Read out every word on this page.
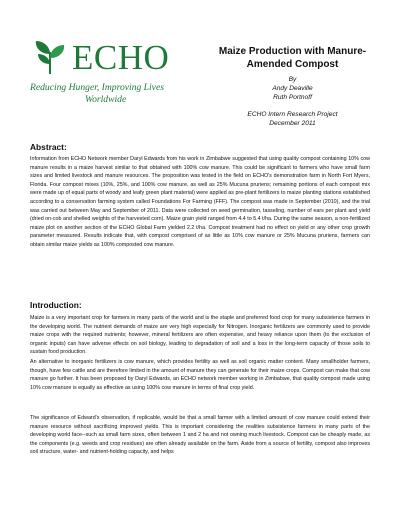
ECHO
Reducing Hunger, Improving Lives
Worldwide
Maize Production with Manure-Amended Compost
By
Andy Deaville
Ruth Portnoff
ECHO Intern Research Project
December 2011
Abstract:

Information from ECHO Network member Daryl Edwards from his work in Zimbabwe suggested that using quality compost containing 10% cow manure results in a maize harvest similar to that obtained with 100% cow manure. This could be significant to farmers who have small farm sizes and limited livestock and manure resources. The proposition was tested in the field on ECHO's demonstration farm in North Fort Myers, Florida. Four compost mixes (10%, 25%, and 100% cow manure, as well as 25% Mucuna pruriens; remaining portions of each compost mix were made up of equal parts of woody and leafy green plant material) were applied as pre-plant fertilizers to maize planting stations established according to a conservation farming system called Foundations For Farming (FFF). The compost was made in September (2010), and the trial was carried out between May and September of 2011. Data were collected on seed germination, tasseling, number of ears per plant and yield (dried on-cob and shelled weights of the harvested corn). Maize grain yield ranged from 4.4 to 5.4 t/ha. During the same season, a non-fertilized maize plot on another section of the ECHO Global Farm yielded 2.2 t/ha. Compost treatment had no effect on yield or any other crop growth parameter measured. Results indicate that, with compost comprised of as little as 10% cow manure or 25% Mucuna pruriens, farmers can obtain similar maize yields as 100% composted cow manure.

Introduction:

Maize is a very important crop for farmers in many parts of the world and is the staple and preferred food crop for many subsistence farmers in the developing world. The nutrient demands of maize are very high especially for Nitrogen. Inorganic fertilizers are commonly used to provide maize crops with the required nutrients; however, mineral fertilizers are often expensive, and heavy reliance upon them (to the exclusion of organic inputs) can have adverse effects on soil biology, leading to degradation of soil and a loss in the long-term capacity of those soils to sustain food production.

An alternative to inorganic fertilizers is cow manure, which provides fertility as well as soil organic matter content. Many smallholder farmers, though, have few cattle and are therefore limited in the amount of manure they can generate for their maize crops. Compost can make that cow manure go further. It has been proposed by Daryl Edwards, an ECHO network member working in Zimbabwe, that quality compost made using 10% cow manure is equally as effective as using 100% cow manure in terms of final crop yield.

The significance of Edward's observation, if replicable, would be that a small farmer with a limited amount of cow manure could extend their manure resource without sacrificing improved yields. This is important considering the realities subsistence farmers in many parts of the developing world face--such as small farm sizes, often between 1 and 2 ha and not owning much livestock. Compost can be cheaply made, as the components (e.g. weeds and crop residues) are often already available on the farm. Aside from a source of fertility, compost also improves soil structure, water- and nutrient-holding capacity, and helps
